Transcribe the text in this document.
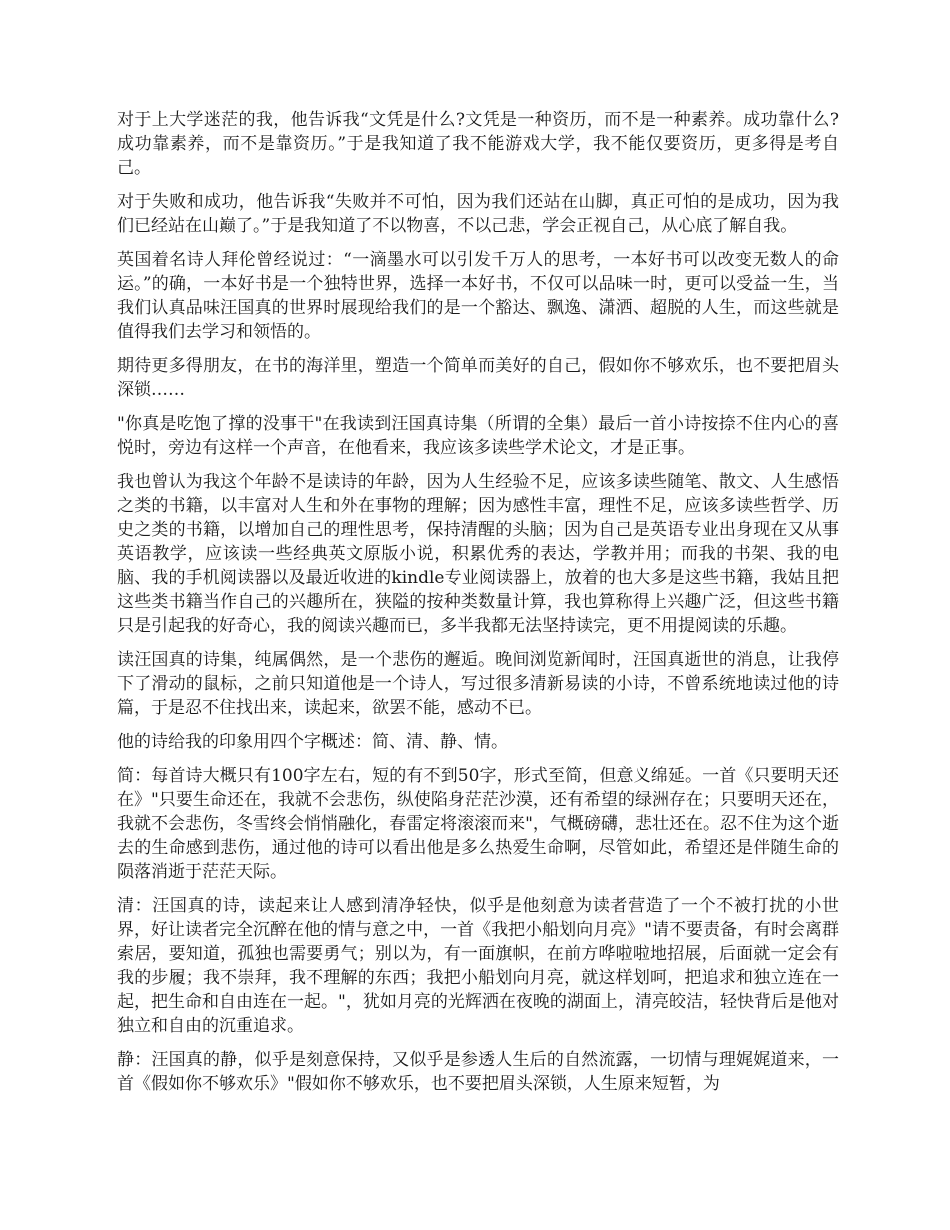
对于上大学迷茫的我，他告诉我“文凭是什么?文凭是一种资历，而不是一种素养。成功靠什么?成功靠素养，而不是靠资历。”于是我知道了我不能游戏大学，我不能仅要资历，更多得是考自己。

对于失败和成功，他告诉我“失败并不可怕，因为我们还站在山脚，真正可怕的是成功，因为我们已经站在山巅了。”于是我知道了不以物喜，不以己悲，学会正视自己，从心底了解自我。

英国着名诗人拜伦曾经说过：“一滴墨水可以引发千万人的思考，一本好书可以改变无数人的命运。”的确，一本好书是一个独特世界，选择一本好书，不仅可以品味一时，更可以受益一生，当我们认真品味汪国真的世界时展现给我们的是一个豁达、飘逸、潇洒、超脱的人生，而这些就是值得我们去学习和领悟的。

期待更多得朋友，在书的海洋里，塑造一个简单而美好的自己，假如你不够欢乐，也不要把眉头深锁……

"你真是吃饱了撑的没事干"在我读到汪国真诗集（所谓的全集）最后一首小诗按捺不住内心的喜悦时，旁边有这样一个声音，在他看来，我应该多读些学术论文，才是正事。

我也曾认为我这个年龄不是读诗的年龄，因为人生经验不足，应该多读些随笔、散文、人生感悟之类的书籍，以丰富对人生和外在事物的理解；因为感性丰富，理性不足，应该多读些哲学、历史之类的书籍，以增加自己的理性思考，保持清醒的头脑；因为自己是英语专业出身现在又从事英语教学，应该读一些经典英文原版小说，积累优秀的表达，学教并用；而我的书架、我的电脑、我的手机阅读器以及最近收进的kindle专业阅读器上，放着的也大多是这些书籍，我姑且把这些类书籍当作自己的兴趣所在，狭隘的按种类数量计算，我也算称得上兴趣广泛，但这些书籍只是引起我的好奇心，我的阅读兴趣而已，多半我都无法坚持读完，更不用提阅读的乐趣。

读汪国真的诗集，纯属偶然，是一个悲伤的邂逅。晚间浏览新闻时，汪国真逝世的消息，让我停下了滑动的鼠标，之前只知道他是一个诗人，写过很多清新易读的小诗，不曾系统地读过他的诗篇，于是忍不住找出来，读起来，欲罢不能，感动不已。

他的诗给我的印象用四个字概述：简、清、静、情。

简：每首诗大概只有100字左右，短的有不到50字，形式至简，但意义绵延。一首《只要明天还在》"只要生命还在，我就不会悲伤，纵使陷身茫茫沙漠，还有希望的绿洲存在；只要明天还在，我就不会悲伤，冬雪终会悄悄融化，春雷定将滚滚而来"，气概磅礴，悲壮还在。忍不住为这个逝去的生命感到悲伤，通过他的诗可以看出他是多么热爱生命啊，尽管如此，希望还是伴随生命的陨落消逝于茫茫天际。

清：汪国真的诗，读起来让人感到清净轻快，似乎是他刻意为读者营造了一个不被打扰的小世界，好让读者完全沉醉在他的情与意之中，一首《我把小船划向月亮》"请不要责备，有时会离群索居，要知道，孤独也需要勇气；别以为，有一面旗帜，在前方哗啦啦地招展，后面就一定会有我的步履；我不崇拜，我不理解的东西；我把小船划向月亮，就这样划呵，把追求和独立连在一起，把生命和自由连在一起。"，犹如月亮的光辉洒在夜晚的湖面上，清亮皎洁，轻快背后是他对独立和自由的沉重追求。

静：汪国真的静，似乎是刻意保持，又似乎是参透人生后的自然流露，一切情与理娓娓道来，一首《假如你不够欢乐》"假如你不够欢乐，也不要把眉头深锁，人生原来短暂，为
